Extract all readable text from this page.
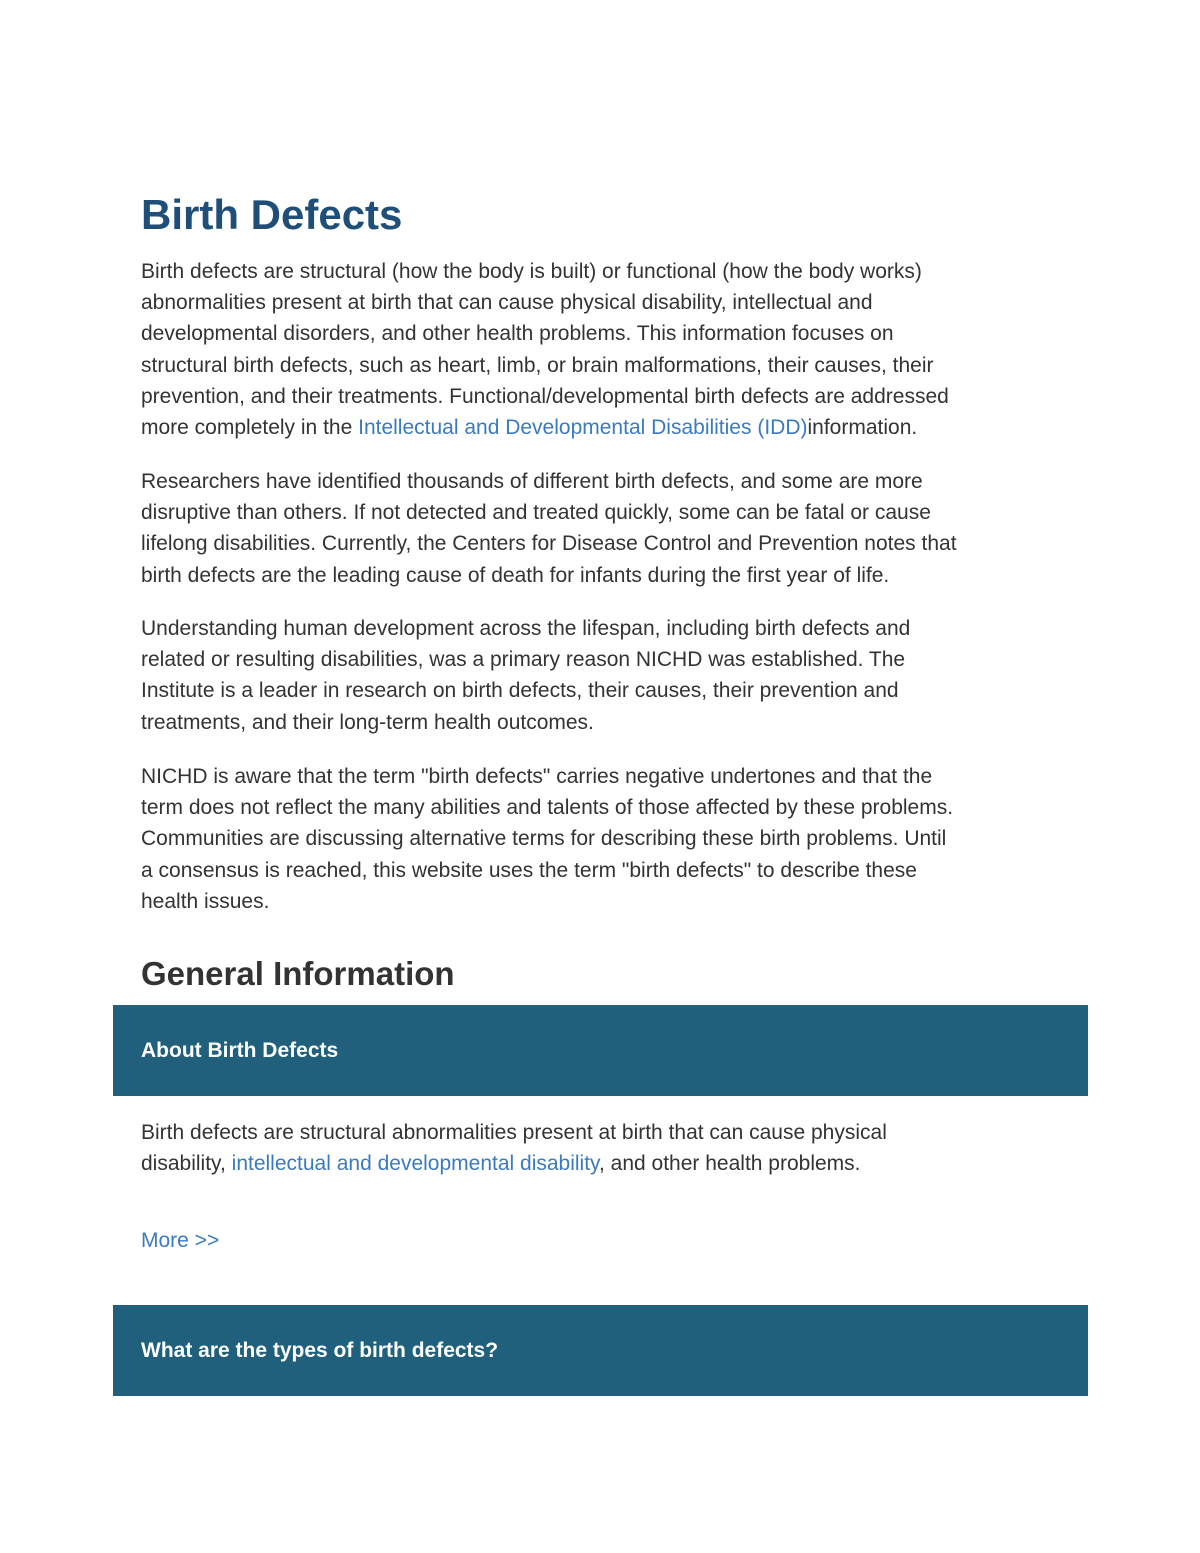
Birth Defects

Birth defects are structural (how the body is built) or functional (how the body works)
abnormalities present at birth that can cause physical disability, intellectual and
developmental disorders, and other health problems. This information focuses on
structural birth defects, such as heart, limb, or brain malformations, their causes, their
prevention, and their treatments. Functional/developmental birth defects are addressed
more completely in the Intellectual and Developmental Disabilities (IDD)information.

Researchers have identified thousands of different birth defects, and some are more
disruptive than others. If not detected and treated quickly, some can be fatal or cause
lifelong disabilities. Currently, the Centers for Disease Control and Prevention notes that
birth defects are the leading cause of death for infants during the first year of life.

Understanding human development across the lifespan, including birth defects and
related or resulting disabilities, was a primary reason NICHD was established. The
Institute is a leader in research on birth defects, their causes, their prevention and
treatments, and their long-term health outcomes.

NICHD is aware that the term "birth defects" carries negative undertones and that the
term does not reflect the many abilities and talents of those affected by these problems.
Communities are discussing alternative terms for describing these birth problems. Until
a consensus is reached, this website uses the term "birth defects" to describe these
health issues.

General Information
About Birth Defects

Birth defects are structural abnormalities present at birth that can cause physical
disability, intellectual and developmental disability, and other health problems.

More >>
What are the types of birth defects?
